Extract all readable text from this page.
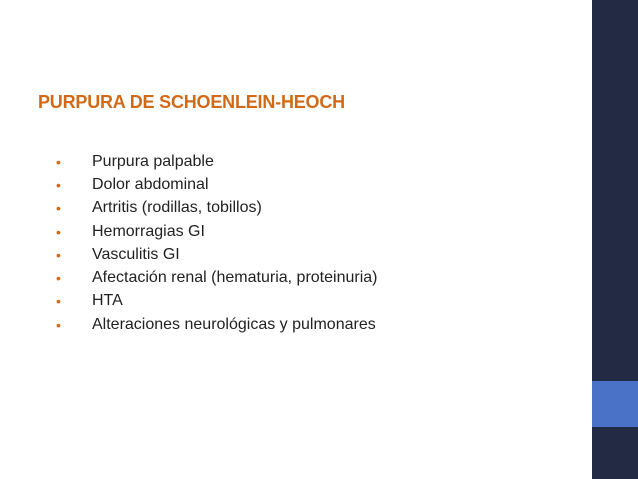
PURPURA DE SCHOENLEIN-HEOCH
•	Purpura palpable
•	Dolor abdominal
•	Artritis (rodillas, tobillos)
•	Hemorragias GI
•	Vasculitis GI
•	Afectación renal (hematuria, proteinuria)
•	HTA
•	Alteraciones neurológicas y pulmonares
